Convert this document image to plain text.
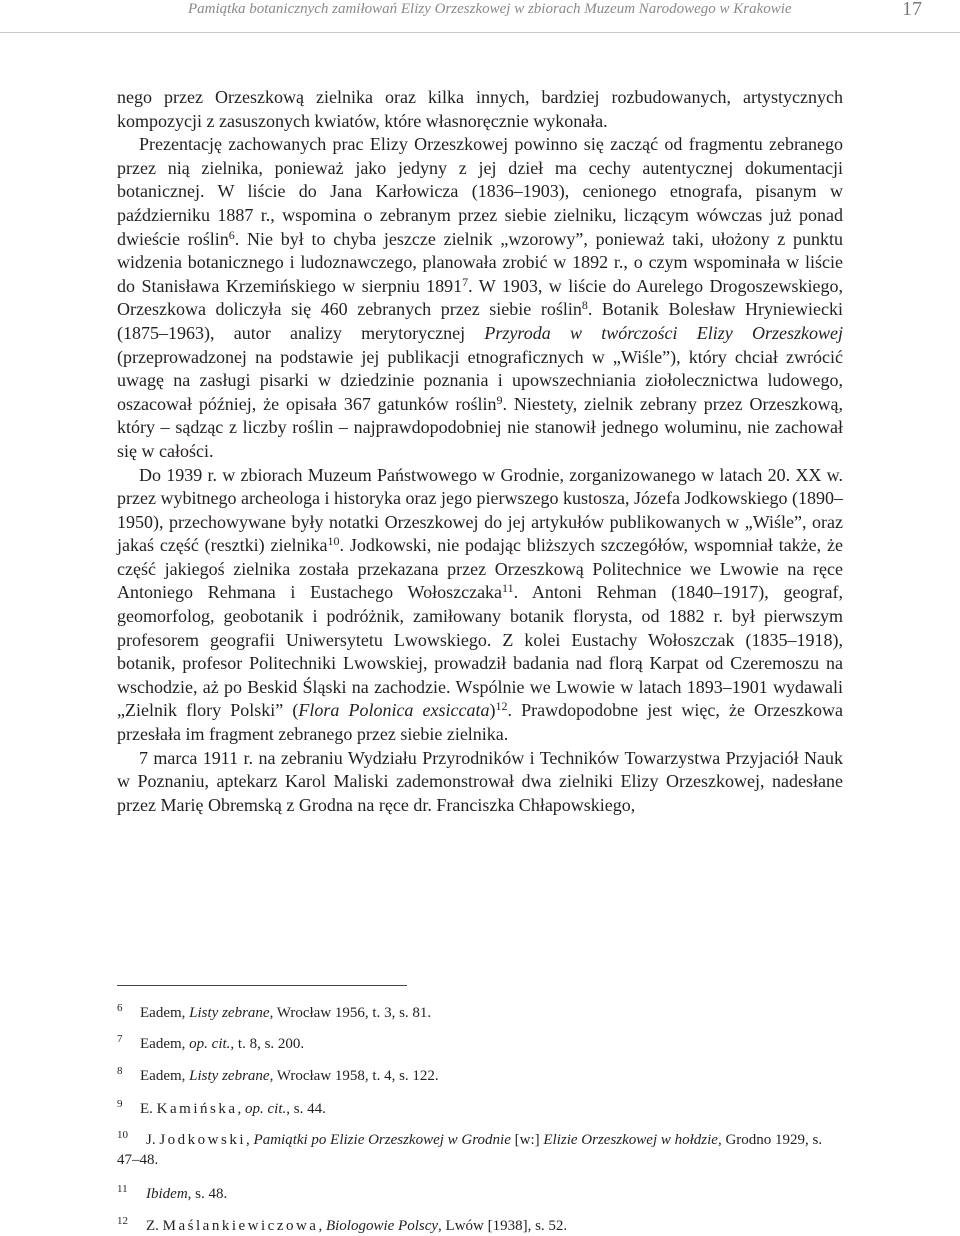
Pamiątka botanicznych zamiłowań Elizy Orzeszkowej w zbiorach Muzeum Narodowego w Krakowie	17

nego przez Orzeszkową zielnika oraz kilka innych, bardziej rozbudowanych, artystycznych kompozycji z zasuszonych kwiatów, które własnoręcznie wykonała.

Prezentację zachowanych prac Elizy Orzeszkowej powinno się zacząć od fragmentu zebranego przez nią zielnika, ponieważ jako jedyny z jej dzieł ma cechy autentycznej dokumentacji botanicznej. W liście do Jana Karłowicza (1836–1903), cenionego etnografa, pisanym w październiku 1887 r., wspomina o zebranym przez siebie zielniku, liczącym wówczas już ponad dwieście roślin$^6$. Nie był to chyba jeszcze zielnik „wzorowy”, ponieważ taki, ułożony z punktu widzenia botanicznego i ludoznawczego, planowała zrobić w 1892 r., o czym wspominała w liście do Stanisława Krzemińskiego w sierpniu 1891$^7$. W 1903, w liście do Aurelego Drogoszewskiego, Orzeszkowa doliczyła się 460 zebranych przez siebie roślin$^8$. Botanik Bolesław Hryniewiecki (1875–1963), autor analizy merytorycznej Przyroda w twórczości Elizy Orzeszkowej (przeprowadzonej na podstawie jej publikacji etnograficznych w „Wiśle”), który chciał zwrócić uwagę na zasługi pisarki w dziedzinie poznania i upowszechniania ziołolecznictwa ludowego, oszacował później, że opisała 367 gatunków roślin$^9$. Niestety, zielnik zebrany przez Orzeszkową, który – sądząc z liczby roślin – najprawdopodobniej nie stanowił jednego woluminu, nie zachował się w całości.

Do 1939 r. w zbiorach Muzeum Państwowego w Grodnie, zorganizowanego w latach 20. XX w. przez wybitnego archeologa i historyka oraz jego pierwszego kustosza, Józefa Jodkowskiego (1890–1950), przechowywane były notatki Orzeszkowej do jej artykułów publikowanych w „Wiśle”, oraz jakaś część (resztki) zielnika$^{10}$. Jodkowski, nie podając bliższych szczegółów, wspomniał także, że część jakiegoś zielnika została przekazana przez Orzeszkową Politechnice we Lwowie na ręce Antoniego Rehmana i Eustachego Wołoszczaka$^{11}$. Antoni Rehman (1840–1917), geograf, geomorfolog, geobotanik i podróżnik, zamiłowany botanik florysta, od 1882 r. był pierwszym profesorem geografii Uniwersytetu Lwowskiego. Z kolei Eustachy Wołoszczak (1835–1918), botanik, profesor Politechniki Lwowskiej, prowadził badania nad florą Karpat od Czeremoszu na wschodzie, aż po Beskid Śląski na zachodzie. Wspólnie we Lwowie w latach 1893–1901 wydawali „Zielnik flory Polski” (Flora Polonica exsiccata)$^{12}$. Prawdopodobne jest więc, że Orzeszkowa przesłała im fragment zebranego przez siebie zielnika.

7 marca 1911 r. na zebraniu Wydziału Przyrodników i Techników Towarzystwa Przyjaciół Nauk w Poznaniu, aptekarz Karol Maliski zademonstrował dwa zielniki Elizy Orzeszkowej, nadesłane przez Marię Obremską z Grodna na ręce dr. Franciszka Chłapowskiego,

6 Eadem, Listy zebrane, Wrocław 1956, t. 3, s. 81.
7 Eadem, op. cit., t. 8, s. 200.
8 Eadem, Listy zebrane, Wrocław 1958, t. 4, s. 122.
9 E. Kamińska, op. cit., s. 44.
10 J. Jodkowski, Pamiątki po Elizie Orzeszkowej w Grodnie [w:] Elizie Orzeszkowej w hołdzie, Grodno 1929, s. 47–48.
11 Ibidem, s. 48.
12 Z. Maślankiewiczowa, Biologowie Polscy, Lwów [1938], s. 52.
